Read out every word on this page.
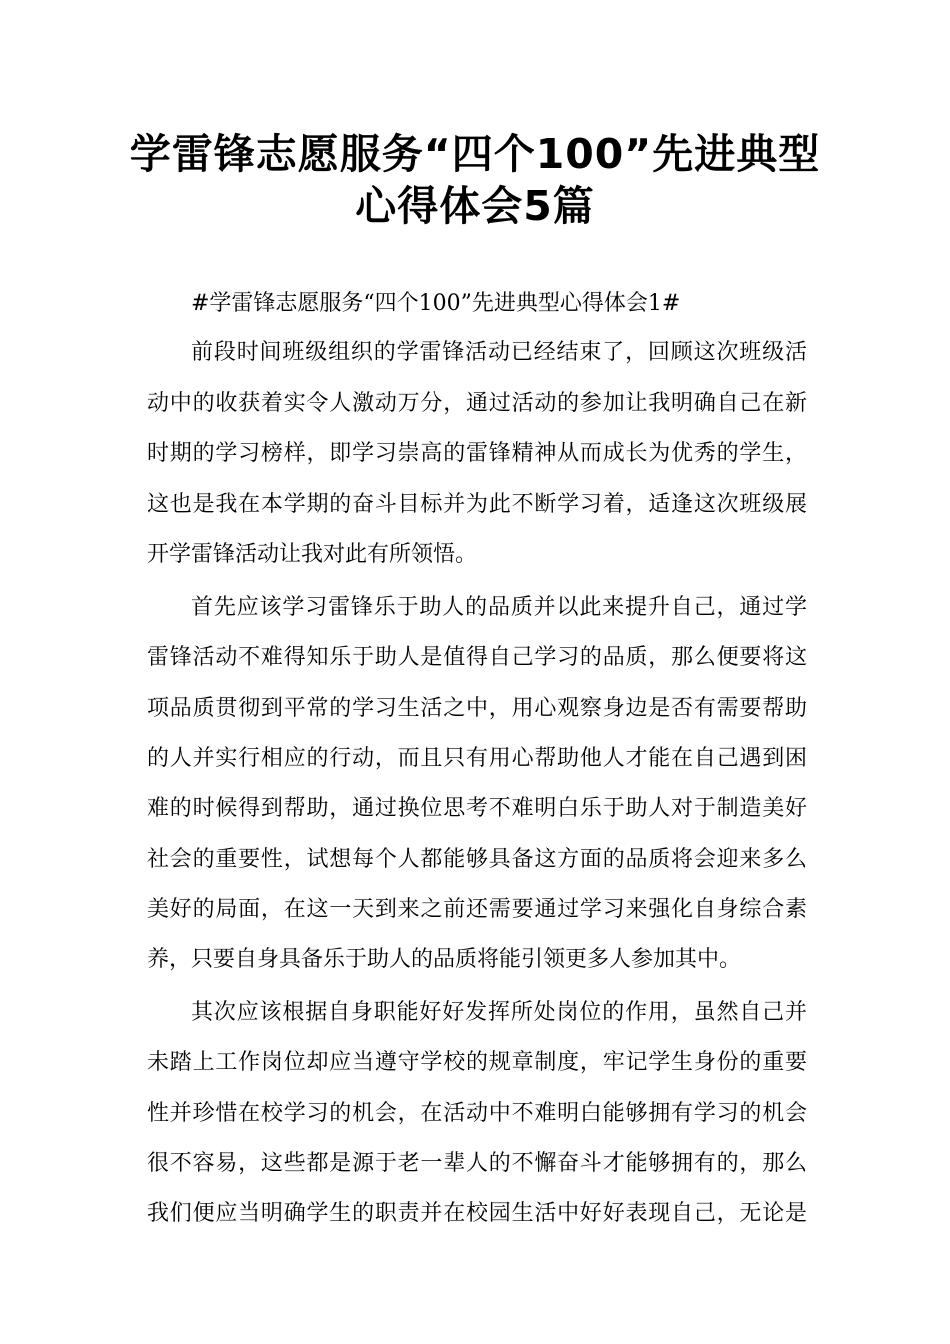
学雷锋志愿服务“四个100”先进典型
心得体会5篇

#学雷锋志愿服务“四个100”先进典型心得体会1#

前段时间班级组织的学雷锋活动已经结束了，回顾这次班级活

动中的收获着实令人激动万分，通过活动的参加让我明确自己在新

时期的学习榜样，即学习崇高的雷锋精神从而成长为优秀的学生，

这也是我在本学期的奋斗目标并为此不断学习着，适逢这次班级展

开学雷锋活动让我对此有所领悟。

首先应该学习雷锋乐于助人的品质并以此来提升自己，通过学

雷锋活动不难得知乐于助人是值得自己学习的品质，那么便要将这

项品质贯彻到平常的学习生活之中，用心观察身边是否有需要帮助

的人并实行相应的行动，而且只有用心帮助他人才能在自己遇到困

难的时候得到帮助，通过换位思考不难明白乐于助人对于制造美好

社会的重要性，试想每个人都能够具备这方面的品质将会迎来多么

美好的局面，在这一天到来之前还需要通过学习来强化自身综合素

养，只要自身具备乐于助人的品质将能引领更多人参加其中。

其次应该根据自身职能好好发挥所处岗位的作用，虽然自己并

未踏上工作岗位却应当遵守学校的规章制度，牢记学生身份的重要

性并珍惜在校学习的机会，在活动中不难明白能够拥有学习的机会

很不容易，这些都是源于老一辈人的不懈奋斗才能够拥有的，那么

我们便应当明确学生的职责并在校园生活中好好表现自己，无论是
